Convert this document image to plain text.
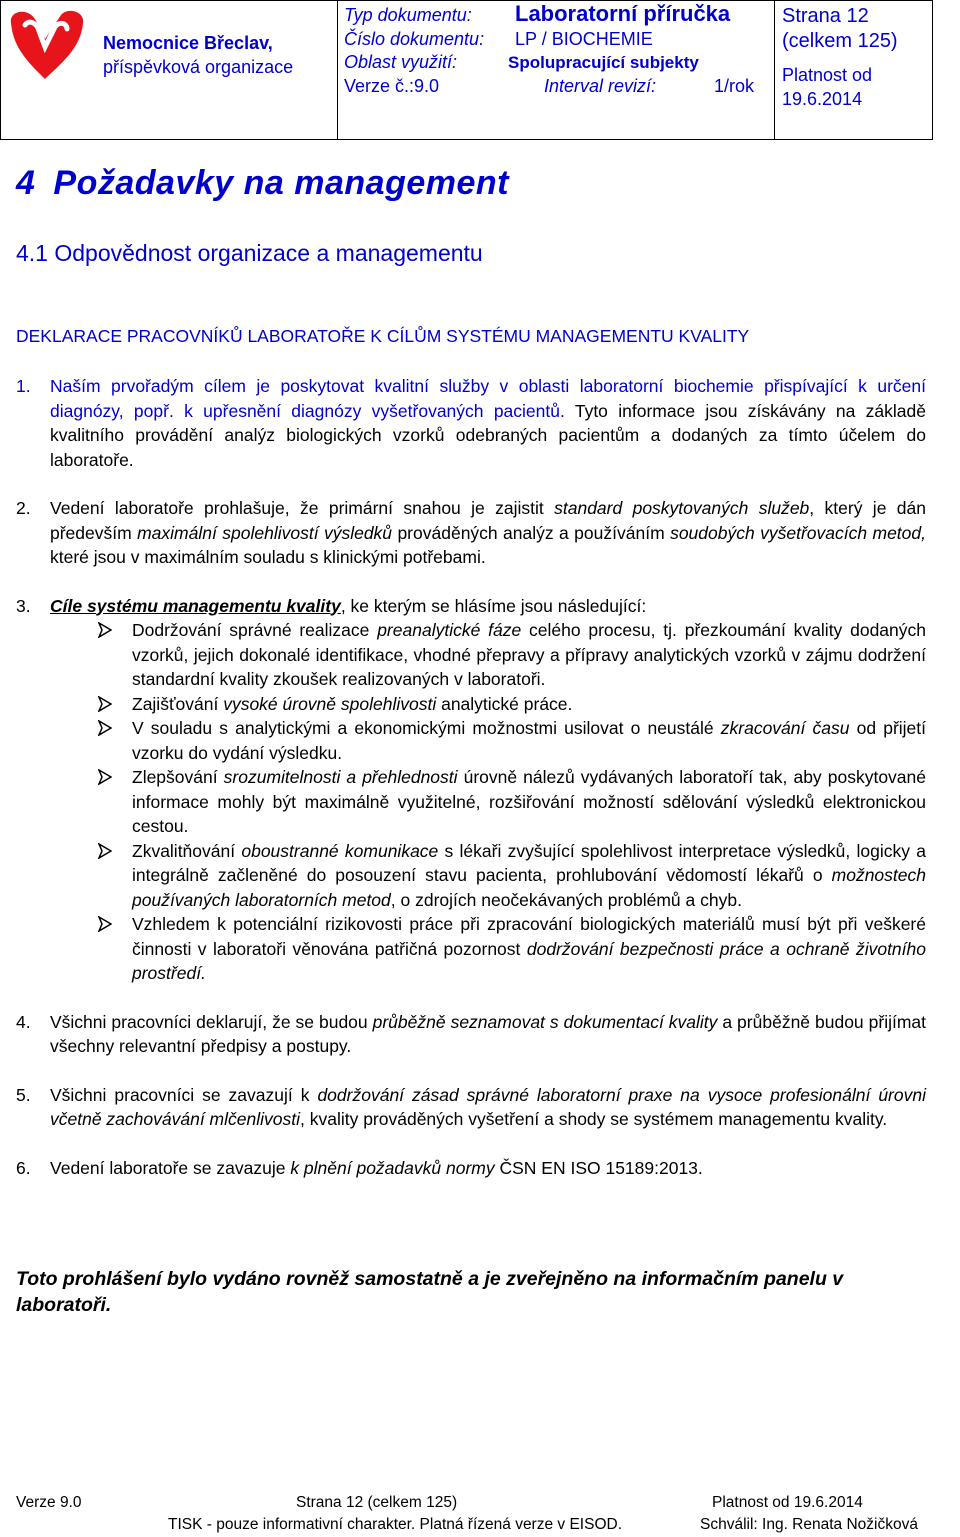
Nemocnice Břeclav,
příspěvková organizace
Typ dokumentu: Laboratorní příručka
Číslo dokumentu: LP / BIOCHEMIE
Oblast využití:	Spolupracující subjekty
Verze č.:9.0	Interval revizí:	1/rok
Strana 12
(celkem 125)
Platnost od
19.6.2014
4 Požadavky na management
4.1 Odpovědnost organizace a managementu

DEKLARACE PRACOVNÍKŮ LABORATOŘE K CÍLŮM SYSTÉMU MANAGEMENTU KVALITY

1. Naším prvořadým cílem je poskytovat kvalitní služby v oblasti laboratorní biochemie přispívající k určení diagnózy, popř. k upřesnění diagnózy vyšetřovaných pacientů. Tyto informace jsou získávány na základě kvalitního provádění analýz biologických vzorků odebraných pacientům a dodaných za tímto účelem do laboratoře.

2. Vedení laboratoře prohlašuje, že primární snahou je zajistit standard poskytovaných služeb, který je dán především maximální spolehlivostí výsledků prováděných analýz a používáním soudobých vyšetřovacích metod, které jsou v maximálním souladu s klinickými potřebami.

3. Cíle systému managementu kvality, ke kterým se hlásíme jsou následující:

Dodržování správné realizace preanalytické fáze celého procesu, tj. přezkoumání kvality dodaných vzorků, jejich dokonalé identifikace, vhodné přepravy a přípravy analytických vzorků v zájmu dodržení standardní kvality zkoušek realizovaných v laboratoři.

Zajišťování vysoké úrovně spolehlivosti analytické práce.

V souladu s analytickými a ekonomickými možnostmi usilovat o neustálé zkracování času od přijetí vzorku do vydání výsledku.

Zlepšování srozumitelnosti a přehlednosti úrovně nálezů vydávaných laboratoří tak, aby poskytované informace mohly být maximálně využitelné, rozšiřování možností sdělování výsledků elektronickou cestou.

Zkvalitňování oboustranné komunikace s lékaři zvyšující spolehlivost interpretace výsledků, logicky a integrálně začleněné do posouzení stavu pacienta, prohlubování vědomostí lékařů o možnostech používaných laboratorních metod, o zdrojích neočekávaných problémů a chyb.

Vzhledem k potenciální rizikovosti práce při zpracování biologických materiálů musí být při veškeré činnosti v laboratoři věnována patřičná pozornost dodržování bezpečnosti práce a ochraně životního prostředí.

4. Všichni pracovníci deklarují, že se budou průběžně seznamovat s dokumentací kvality a průběžně budou přijímat všechny relevantní předpisy a postupy.

5. Všichni pracovníci se zavazují k dodržování zásad správné laboratorní praxe na vysoce profesionální úrovni včetně zachovávání mlčenlivosti, kvality prováděných vyšetření a shody se systémem managementu kvality.

6. Vedení laboratoře se zavazuje k plnění požadavků normy ČSN EN ISO 15189:2013.

Toto prohlášení bylo vydáno rovněž samostatně a je zveřejněno na informačním panelu v laboratoři.

Verze 9.0	Strana 12 (celkem 125)	Platnost od 19.6.2014
TISK - pouze informativní charakter. Platná řízená verze v EISOD.	Schválil: Ing. Renata Nožičková
